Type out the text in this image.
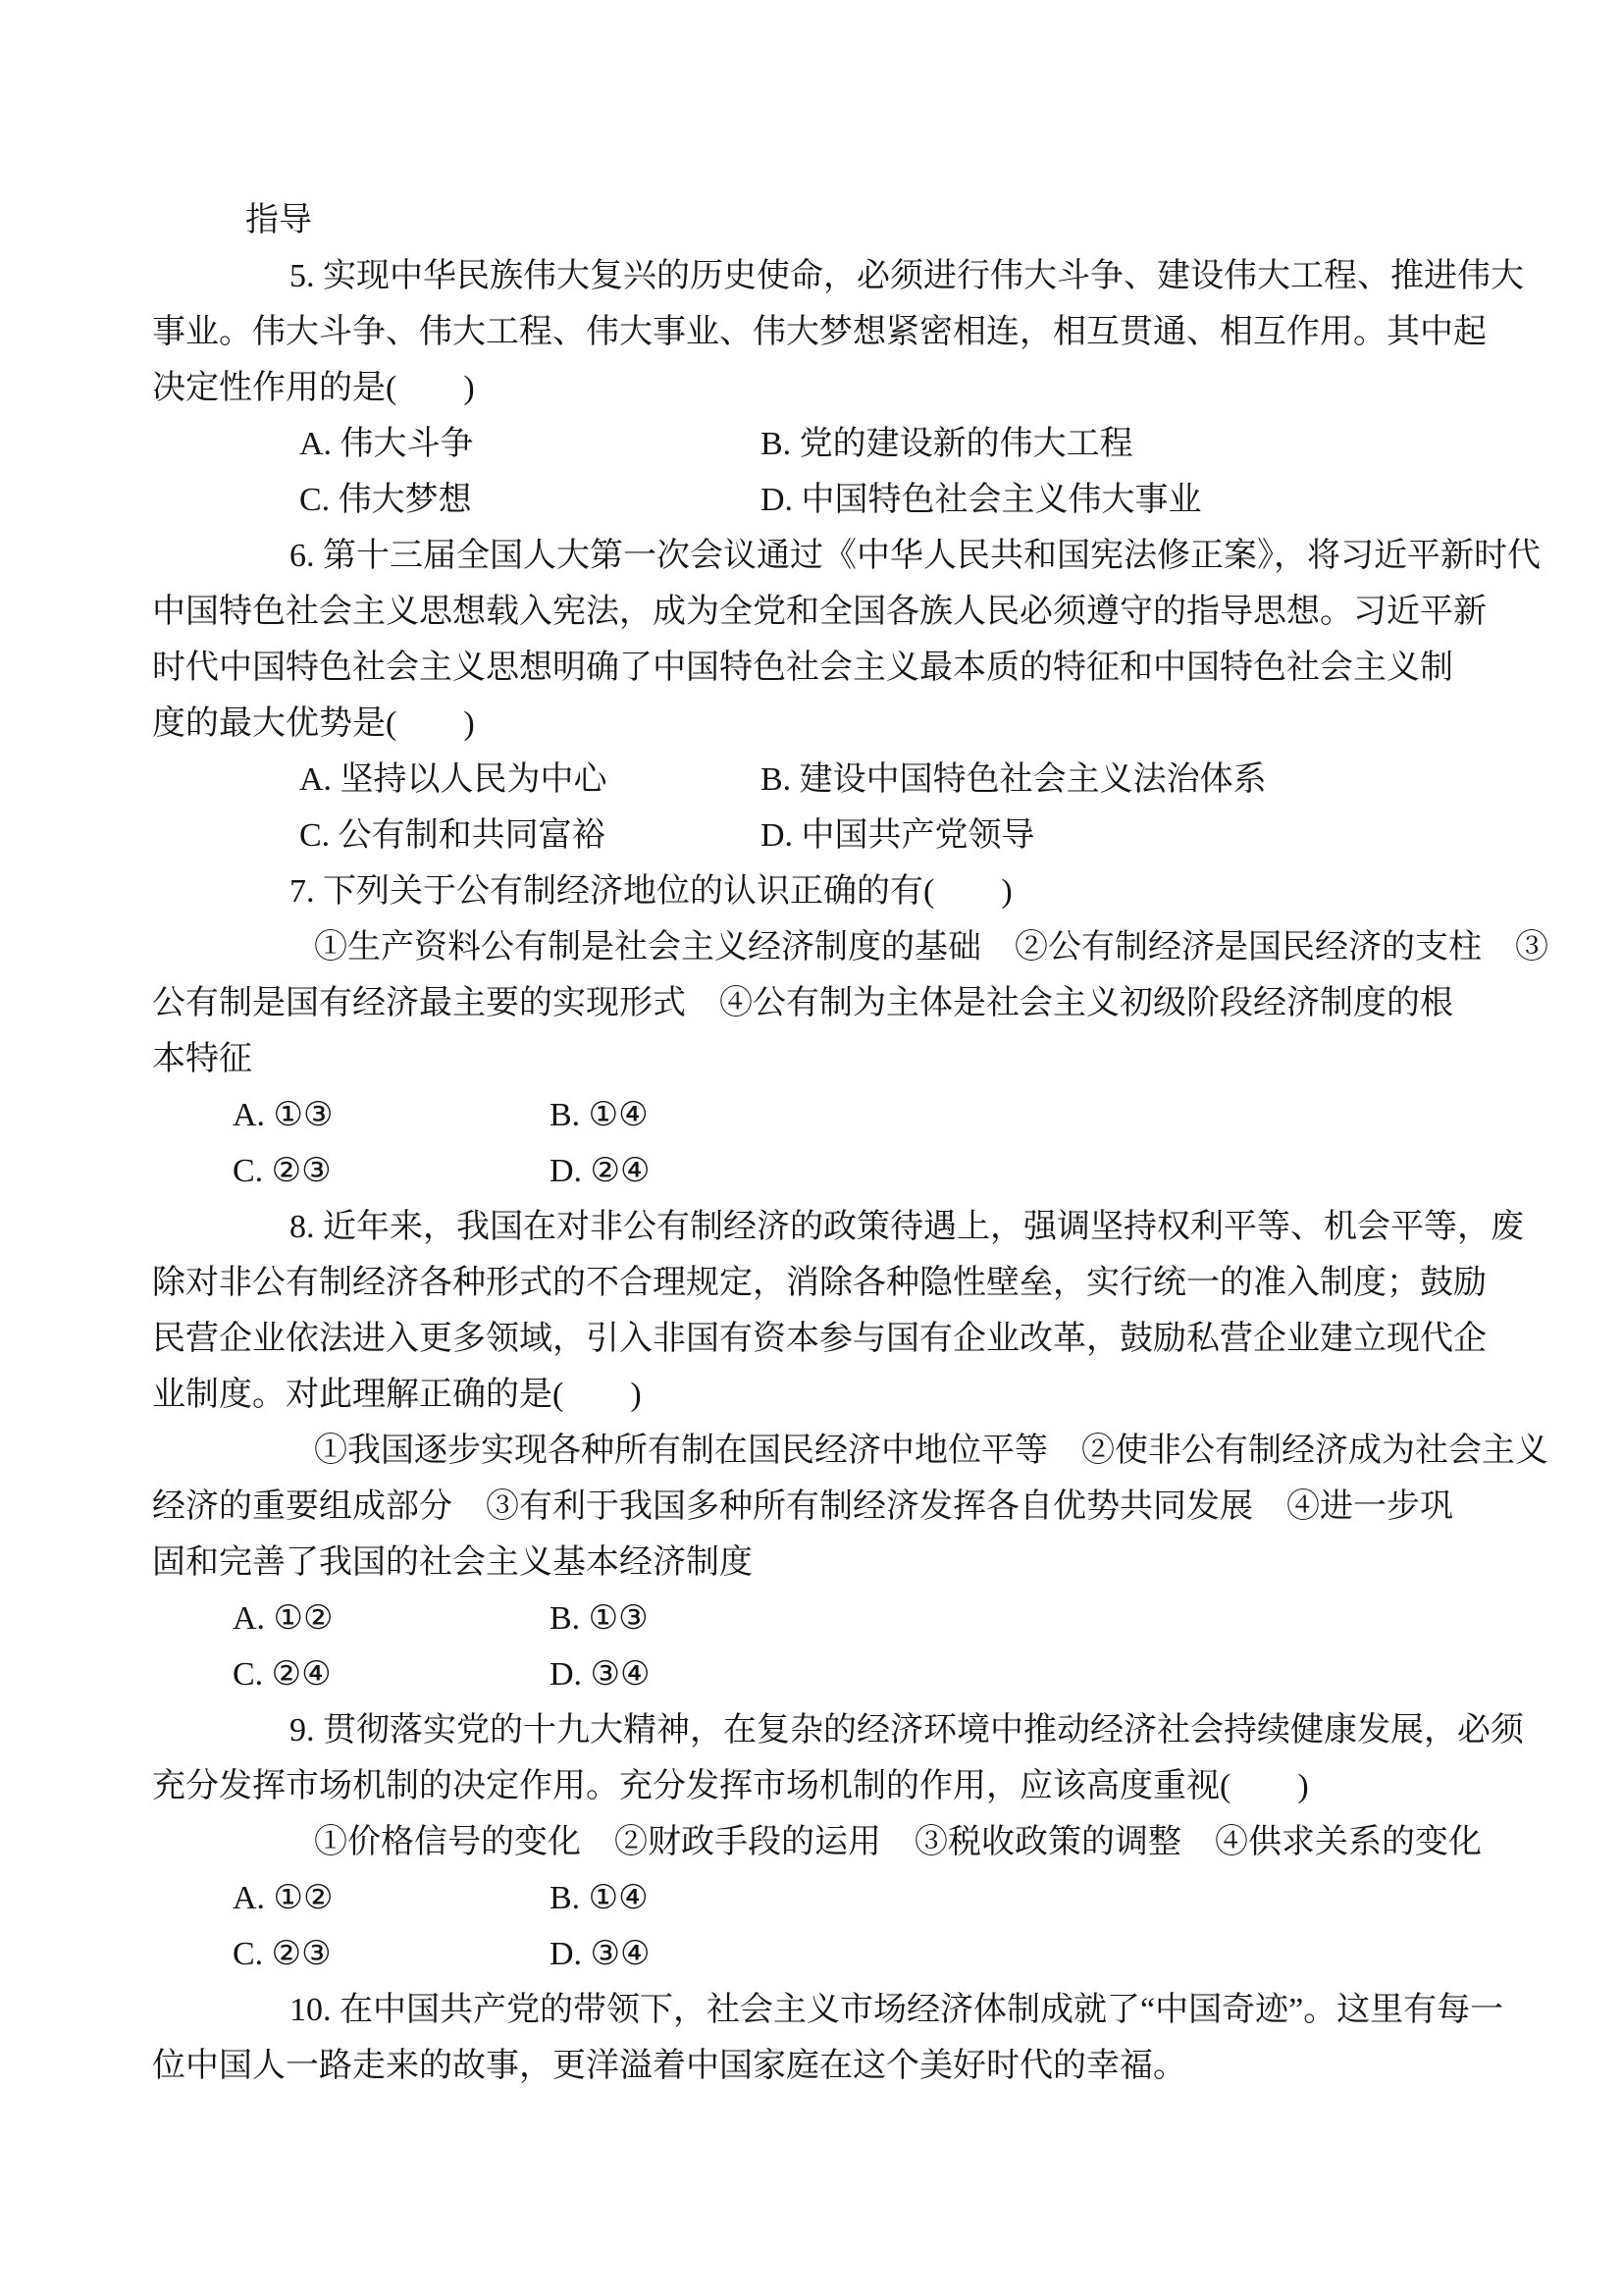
指导
5. 实现中华民族伟大复兴的历史使命，必须进行伟大斗争、建设伟大工程、推进伟大
事业。伟大斗争、伟大工程、伟大事业、伟大梦想紧密相连，相互贯通、相互作用。其中起
决定性作用的是(　　)
A. 伟大斗争	B. 党的建设新的伟大工程
C. 伟大梦想	D. 中国特色社会主义伟大事业
6. 第十三届全国人大第一次会议通过《中华人民共和国宪法修正案》，将习近平新时代
中国特色社会主义思想载入宪法，成为全党和全国各族人民必须遵守的指导思想。习近平新
时代中国特色社会主义思想明确了中国特色社会主义最本质的特征和中国特色社会主义制
度的最大优势是(　　)
A. 坚持以人民为中心	B. 建设中国特色社会主义法治体系
C. 公有制和共同富裕	D. 中国共产党领导
7. 下列关于公有制经济地位的认识正确的有(　　)
①生产资料公有制是社会主义经济制度的基础　②公有制经济是国民经济的支柱　③
公有制是国有经济最主要的实现形式　④公有制为主体是社会主义初级阶段经济制度的根
本特征
A. ①③	B. ①④
C. ②③	D. ②④
8. 近年来，我国在对非公有制经济的政策待遇上，强调坚持权利平等、机会平等，废
除对非公有制经济各种形式的不合理规定，消除各种隐性壁垒，实行统一的准入制度；鼓励
民营企业依法进入更多领域，引入非国有资本参与国有企业改革，鼓励私营企业建立现代企
业制度。对此理解正确的是(　　)
①我国逐步实现各种所有制在国民经济中地位平等　②使非公有制经济成为社会主义
经济的重要组成部分　③有利于我国多种所有制经济发挥各自优势共同发展　④进一步巩
固和完善了我国的社会主义基本经济制度
A. ①②	B. ①③
C. ②④	D. ③④
9. 贯彻落实党的十九大精神，在复杂的经济环境中推动经济社会持续健康发展，必须
充分发挥市场机制的决定作用。充分发挥市场机制的作用，应该高度重视(　　)
①价格信号的变化　②财政手段的运用　③税收政策的调整　④供求关系的变化
A. ①②	B. ①④
C. ②③	D. ③④
10. 在中国共产党的带领下，社会主义市场经济体制成就了“中国奇迹”。这里有每一
位中国人一路走来的故事，更洋溢着中国家庭在这个美好时代的幸福。
